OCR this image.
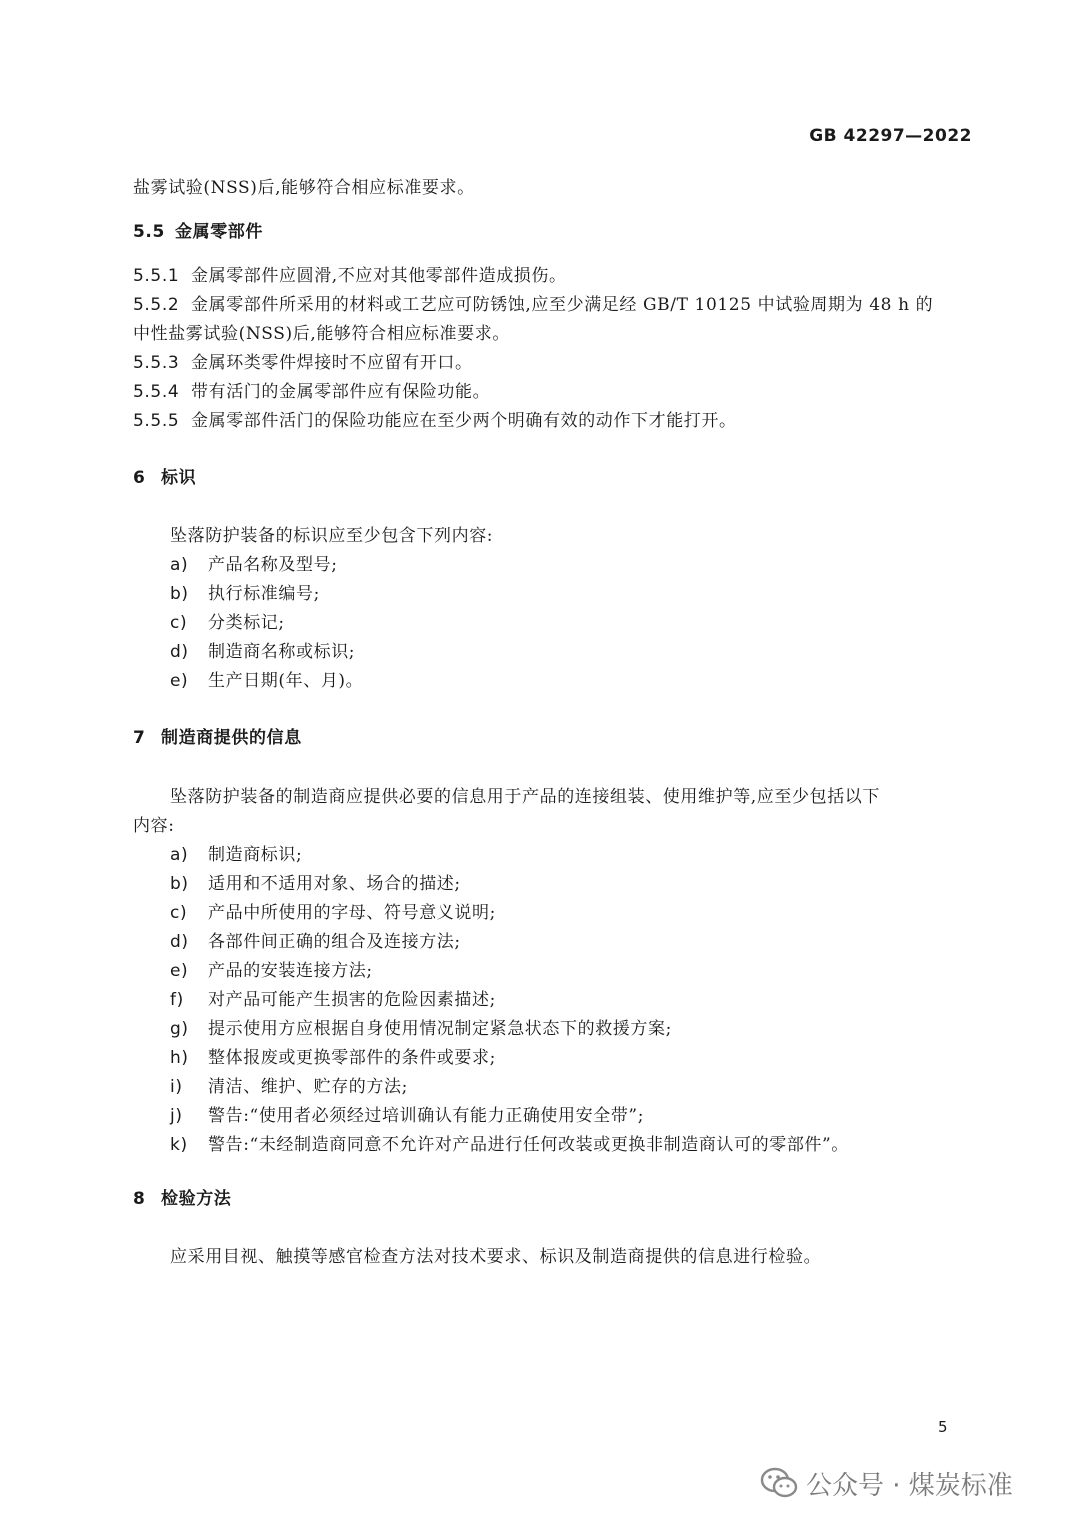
GB 42297—2022
盐雾试验(NSS)后,能够符合相应标准要求。
5.5 金属零部件
5.5.1 金属零部件应圆滑,不应对其他零部件造成损伤。
5.5.2 金属零部件所采用的材料或工艺应可防锈蚀,应至少满足经 GB/T 10125 中试验周期为 48 h 的
中性盐雾试验(NSS)后,能够符合相应标准要求。
5.5.3 金属环类零件焊接时不应留有开口。
5.5.4 带有活门的金属零部件应有保险功能。
5.5.5 金属零部件活门的保险功能应在至少两个明确有效的动作下才能打开。
6 标识
坠落防护装备的标识应至少包含下列内容:
a) 产品名称及型号;
b) 执行标准编号;
c) 分类标记;
d) 制造商名称或标识;
e) 生产日期(年、月)。
7 制造商提供的信息
坠落防护装备的制造商应提供必要的信息用于产品的连接组装、使用维护等,应至少包括以下
内容:
a) 制造商标识;
b) 适用和不适用对象、场合的描述;
c) 产品中所使用的字母、符号意义说明;
d) 各部件间正确的组合及连接方法;
e) 产品的安装连接方法;
f) 对产品可能产生损害的危险因素描述;
g) 提示使用方应根据自身使用情况制定紧急状态下的救援方案;
h) 整体报废或更换零部件的条件或要求;
i) 清洁、维护、贮存的方法;
j) 警告:“使用者必须经过培训确认有能力正确使用安全带”;
k) 警告:“未经制造商同意不允许对产品进行任何改装或更换非制造商认可的零部件”。
8 检验方法
应采用目视、触摸等感官检查方法对技术要求、标识及制造商提供的信息进行检验。
5
公众号 · 煤炭标准
